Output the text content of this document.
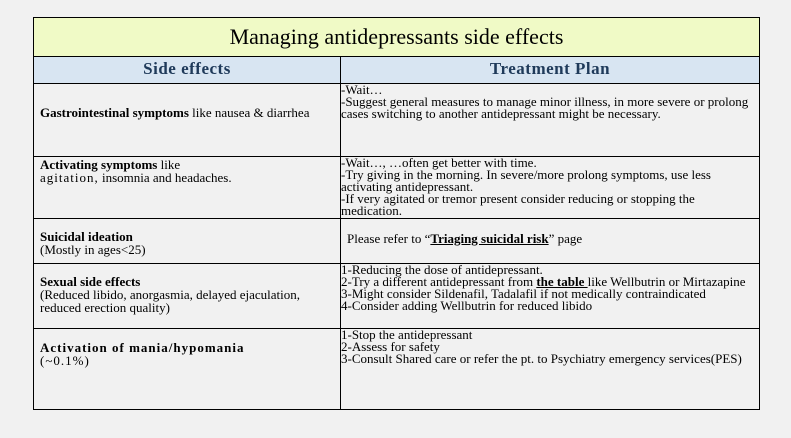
Managing antidepressants side effects	
Side effects	Treatment Plan

Gastrointestinal symptoms like nausea & diarrhea	-Wait…
-Suggest general measures to manage minor illness, in more severe or prolong cases switching to another antidepressant might be necessary.

Activating symptoms like
agitation, insomnia and headaches.	-Wait…, …often get better with time.
-Try giving in the morning. In severe/more prolong symptoms, use less activating antidepressant.
-If very agitated or tremor present consider reducing or stopping the medication.

Suicidal ideation
(Mostly in ages<25)	Please refer to “Triaging suicidal risk” page

Sexual side effects
(Reduced libido, anorgasmia, delayed ejaculation, reduced erection quality)	1-Reducing the dose of antidepressant.
2-Try a different antidepressant from the table like Wellbutrin or Mirtazapine
3-Might consider Sildenafil, Tadalafil if not medically contraindicated
4-Consider adding Wellbutrin for reduced libido

Activation of mania/hypomania
(~0.1%)	1-Stop the antidepressant
2-Assess for safety
3-Consult Shared care or refer the pt. to Psychiatry emergency services(PES)
